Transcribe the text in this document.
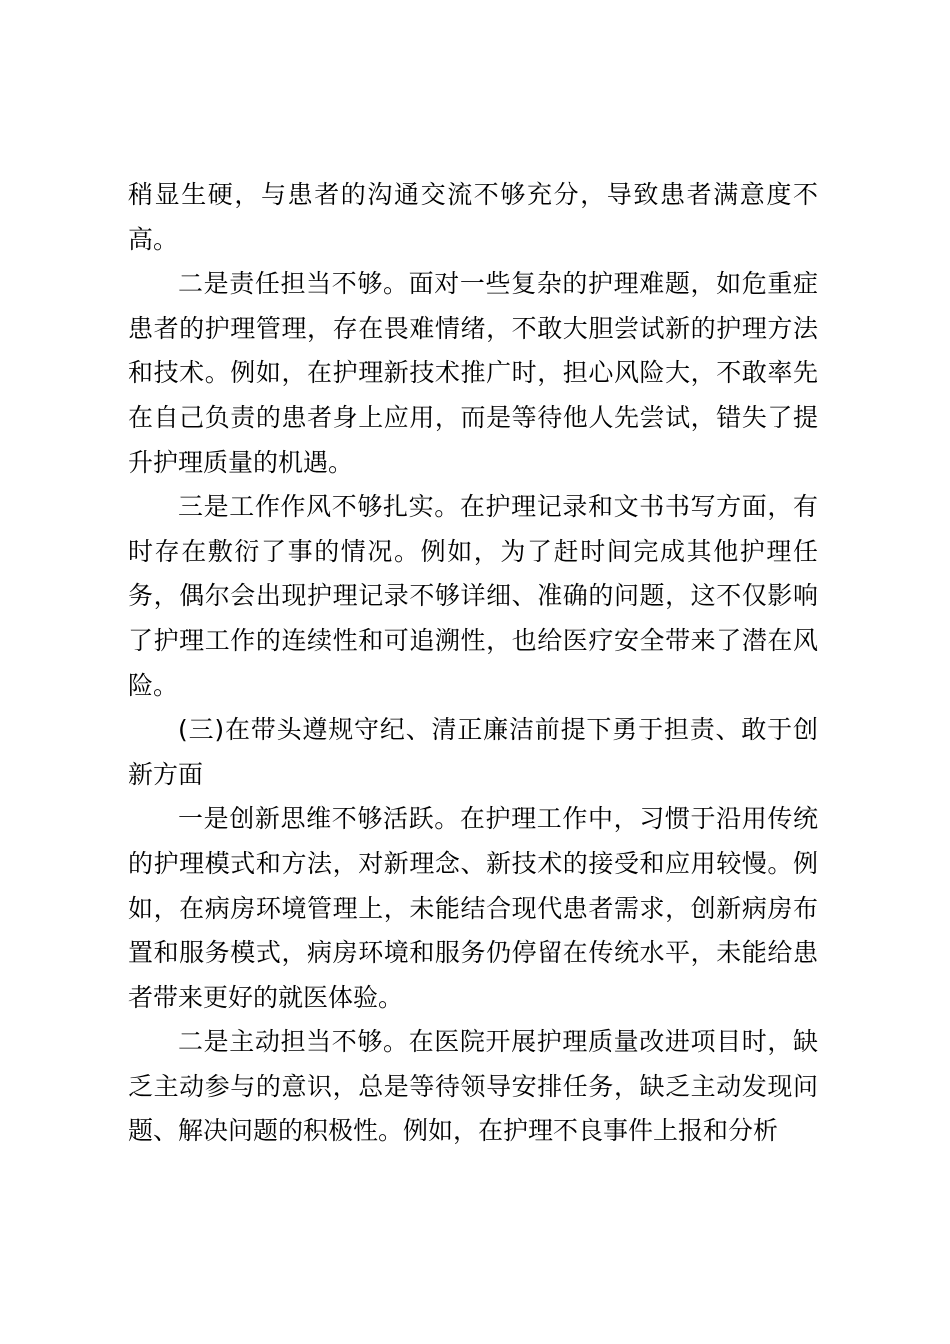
稍显生硬，与患者的沟通交流不够充分，导致患者满意度不高。

二是责任担当不够。面对一些复杂的护理难题，如危重症患者的护理管理，存在畏难情绪，不敢大胆尝试新的护理方法和技术。例如，在护理新技术推广时，担心风险大，不敢率先在自己负责的患者身上应用，而是等待他人先尝试，错失了提升护理质量的机遇。

三是工作作风不够扎实。在护理记录和文书书写方面，有时存在敷衍了事的情况。例如，为了赶时间完成其他护理任务，偶尔会出现护理记录不够详细、准确的问题，这不仅影响了护理工作的连续性和可追溯性，也给医疗安全带来了潜在风险。

(三)在带头遵规守纪、清正廉洁前提下勇于担责、敢于创新方面

一是创新思维不够活跃。在护理工作中，习惯于沿用传统的护理模式和方法，对新理念、新技术的接受和应用较慢。例如，在病房环境管理上，未能结合现代患者需求，创新病房布置和服务模式，病房环境和服务仍停留在传统水平，未能给患者带来更好的就医体验。

二是主动担当不够。在医院开展护理质量改进项目时，缺乏主动参与的意识，总是等待领导安排任务，缺乏主动发现问题、解决问题的积极性。例如，在护理不良事件上报和分析
